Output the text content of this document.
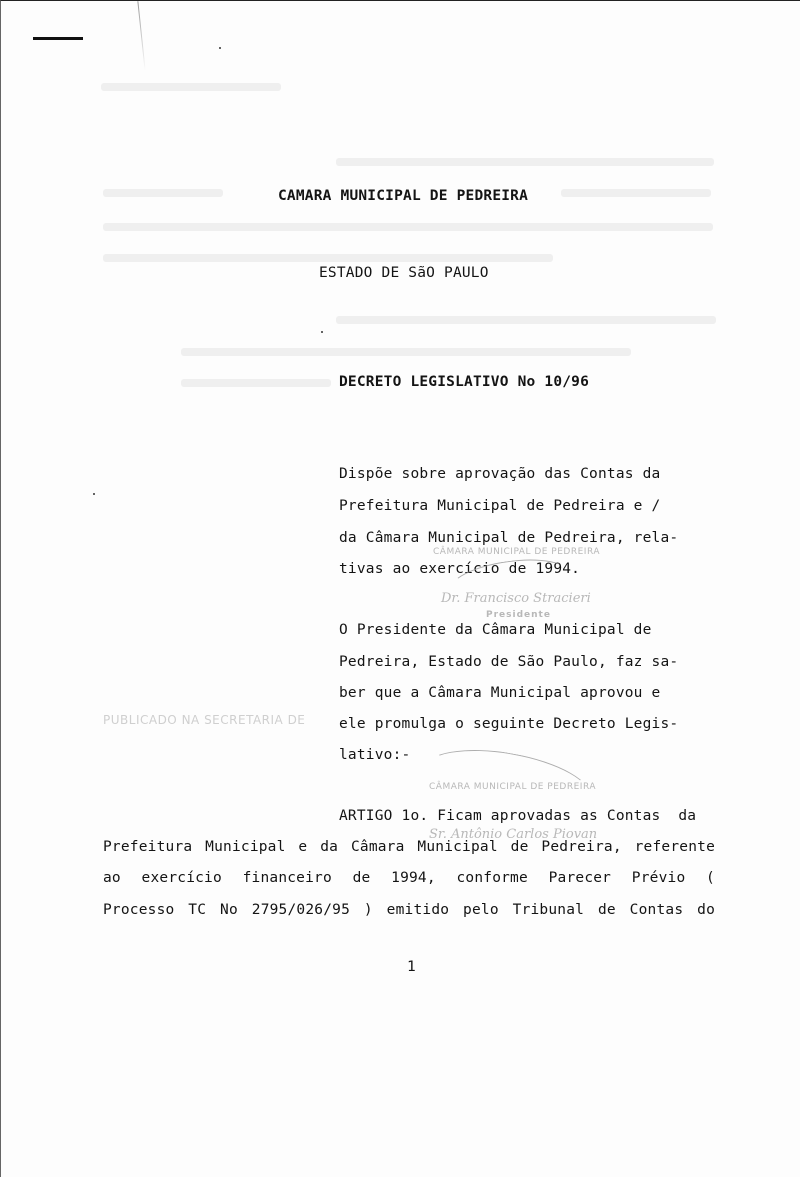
CAMARA MUNICIPAL DE PEDREIRA
ESTADO DE SãO PAULO
DECRETO LEGISLATIVO No 10/96
Dispõe sobre aprovação das Contas da
Prefeitura Municipal de Pedreira e /
da Câmara Municipal de Pedreira, rela-
tivas ao exercício de 1994.
CÂMARA MUNICIPAL DE PEDREIRA
Dr. Francisco Stracieri
Presidente
O Presidente da Câmara Municipal de
Pedreira, Estado de São Paulo, faz sa-
ber que a Câmara Municipal aprovou e
PUBLICADO NA SECRETARIA DE ele promulga o seguinte Decreto Legis-
lativo:-
CÂMARA MUNICIPAL DE PEDREIRA
Sr. Antônio Carlos Piovan
ARTIGO 1o. Ficam aprovadas as Contas  da
Prefeitura Municipal e da Câmara Municipal de Pedreira, referente
ao exercício financeiro de 1994, conforme Parecer Prévio (
Processo TC No 2795/026/95 ) emitido pelo Tribunal de Contas do
1
